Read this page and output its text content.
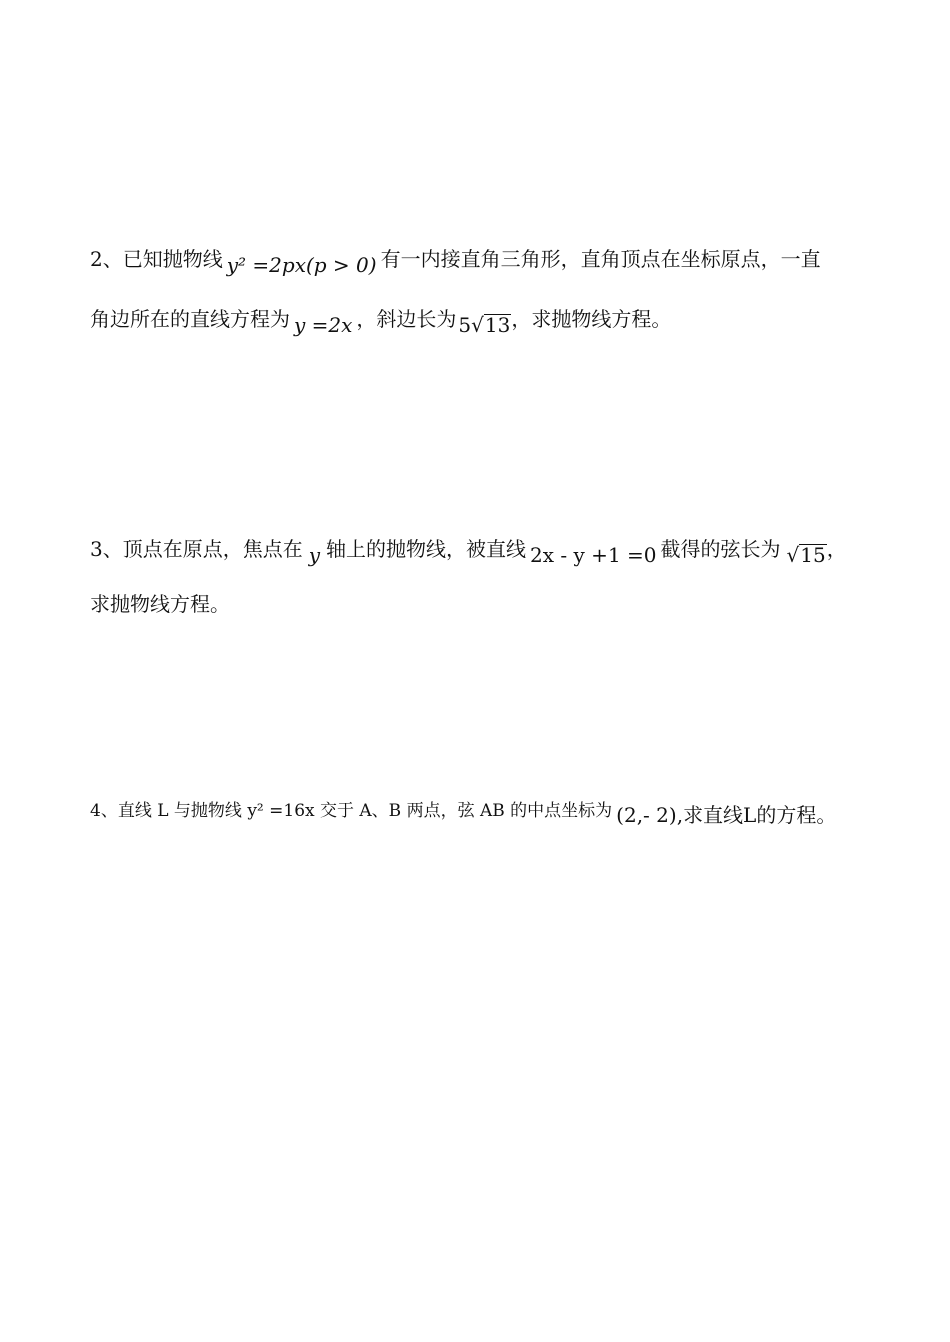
2、已知抛物线 y² =2px(p > 0) 有一内接直角三角形，直角顶点在坐标原点，一直
角边所在的直线方程为 y =2x ，斜边长为 5√13，求抛物线方程。
3、顶点在原点，焦点在 y 轴上的抛物线，被直线 2x - y +1 =0 截得的弦长为 √15，
求抛物线方程。
4、直线 L 与抛物线 y² =16x 交于 A、B 两点，弦 AB 的中点坐标为 (2,- 2),求直线L的方程。
